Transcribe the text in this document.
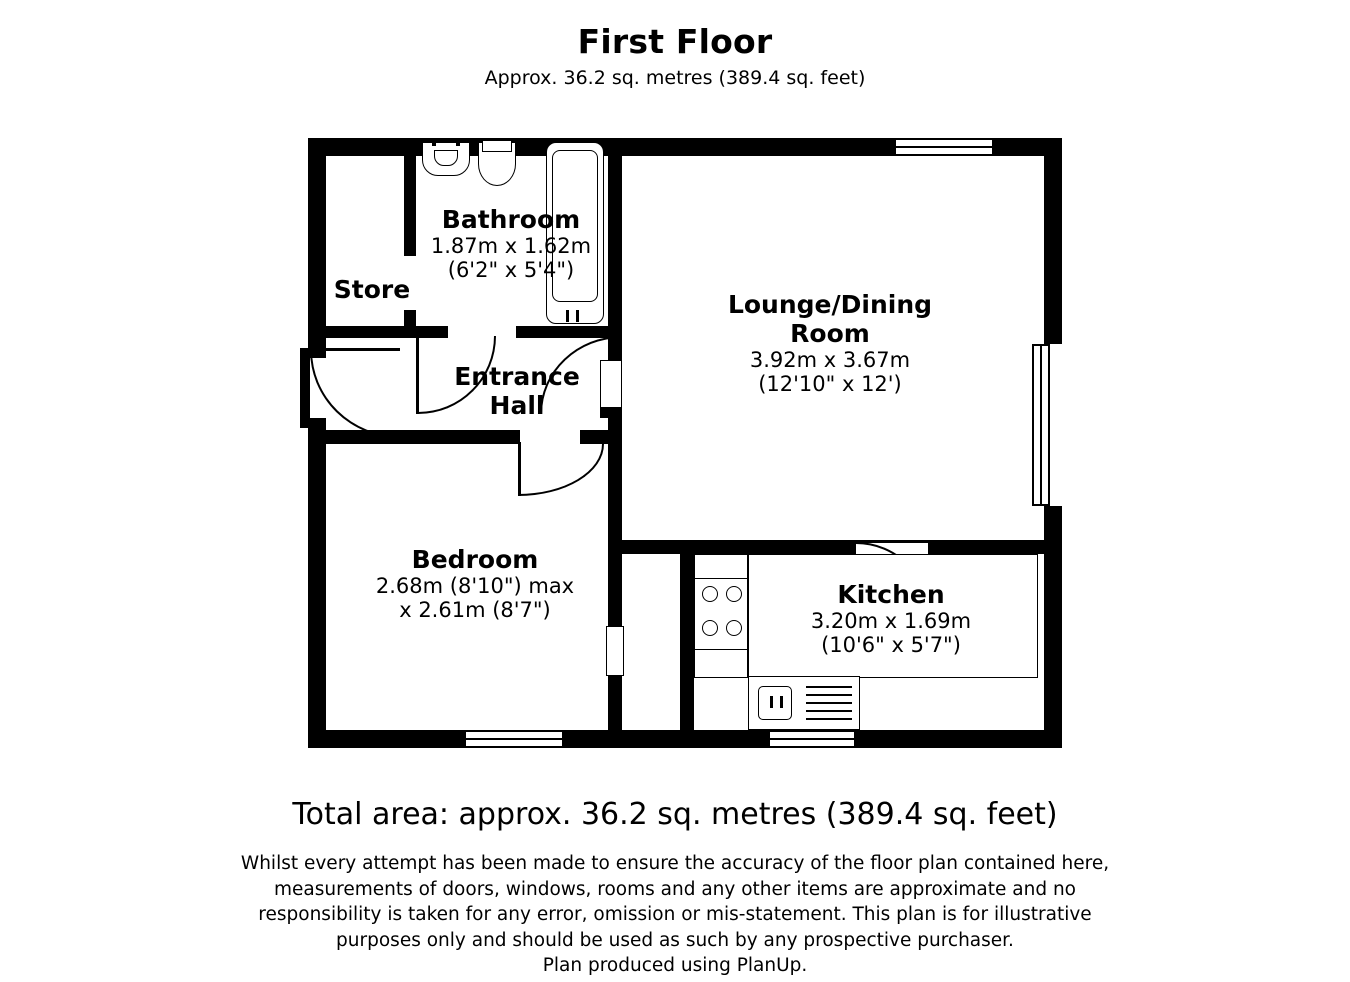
First Floor
Approx. 36.2 sq. metres (389.4 sq. feet)
Bathroom
1.87m x 1.62m
(6'2" x 5'4")
Store
Entrance
Hall
Lounge/Dining
Room
3.92m x 3.67m
(12'10" x 12')
Bedroom
2.68m (8'10") max
x 2.61m (8'7")
Kitchen
3.20m x 1.69m
(10'6" x 5'7")
Total area: approx. 36.2 sq. metres (389.4 sq. feet)
Whilst every attempt has been made to ensure the accuracy of the floor plan contained here,
measurements of doors, windows, rooms and any other items are approximate and no
responsibility is taken for any error, omission or mis-statement. This plan is for illustrative
purposes only and should be used as such by any prospective purchaser.
Plan produced using PlanUp.
